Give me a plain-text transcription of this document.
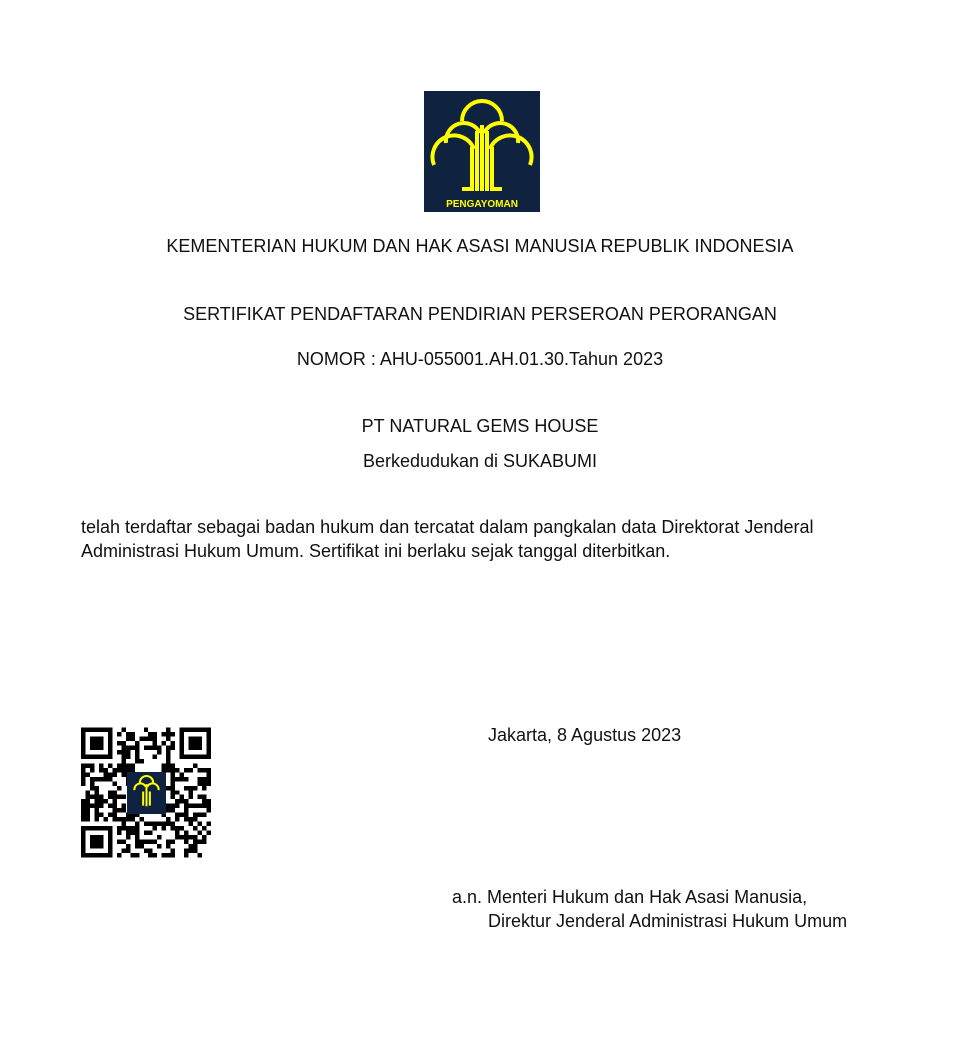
PENGAYOMAN
KEMENTERIAN HUKUM DAN HAK ASASI MANUSIA REPUBLIK INDONESIA
SERTIFIKAT PENDAFTARAN PENDIRIAN PERSEROAN PERORANGAN
NOMOR : AHU-055001.AH.01.30.Tahun 2023
PT NATURAL GEMS HOUSE
Berkedudukan di SUKABUMI
telah terdaftar sebagai badan hukum dan tercatat dalam pangkalan data Direktorat Jenderal
Administrasi Hukum Umum. Sertifikat ini berlaku sejak tanggal diterbitkan.
Jakarta, 8 Agustus 2023
a.n. Menteri Hukum dan Hak Asasi Manusia,
Direktur Jenderal Administrasi Hukum Umum
